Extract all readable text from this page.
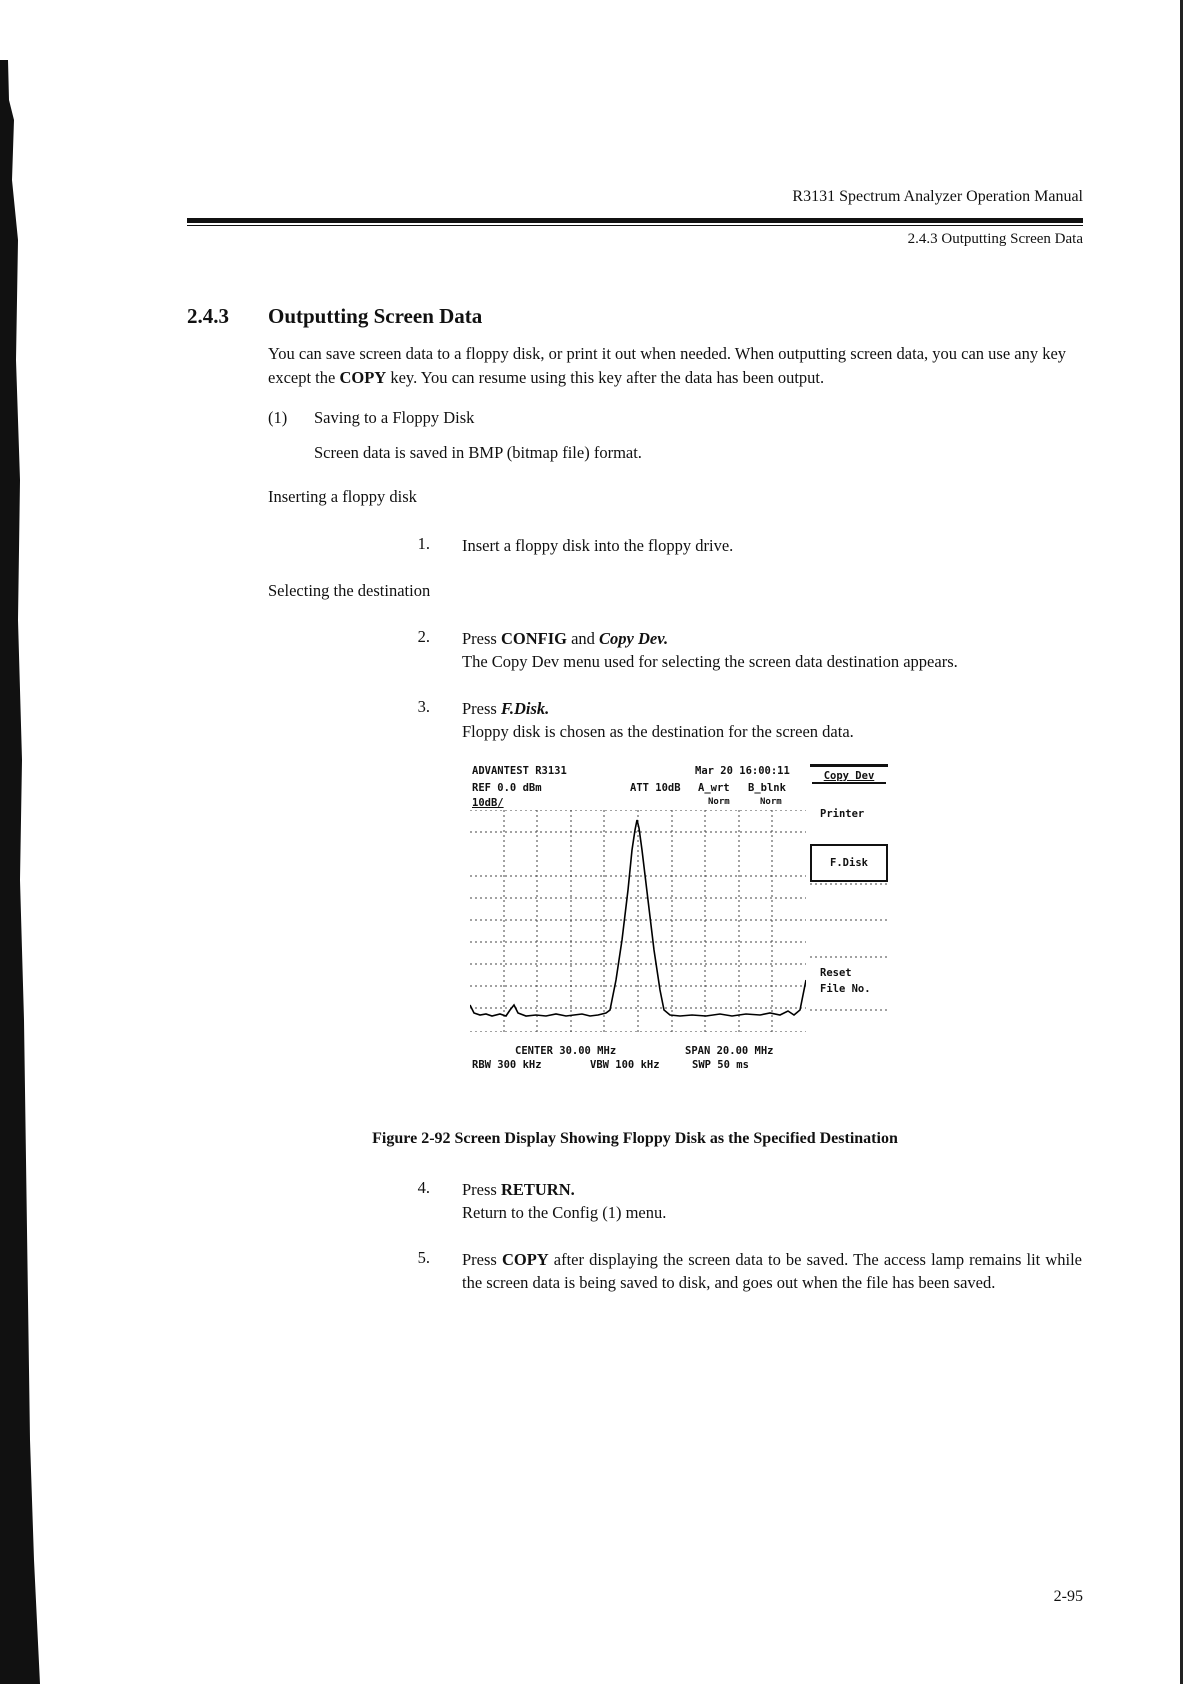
R3131 Spectrum Analyzer Operation Manual
2.4.3 Outputting Screen Data
2.4.3 Outputting Screen Data
You can save screen data to a floppy disk, or print it out when needed. When outputting screen data, you can use any key except the COPY key. You can resume using this key after the data has been output.
(1) Saving to a Floppy Disk
Screen data is saved in BMP (bitmap file) format.
Inserting a floppy disk
1. Insert a floppy disk into the floppy drive.
Selecting the destination
2. Press CONFIG and Copy Dev.
The Copy Dev menu used for selecting the screen data destination appears.
3. Press F.Disk.
Floppy disk is chosen as the destination for the screen data.
ADVANTEST R3131	Mar 20 16:00:11
REF 0.0 dBm	ATT 10dB A_wrt B_blnk
10dB/	Norm	Norm
CENTER 30.00 MHz	SPAN 20.00 MHz
RBW 300 kHz	VBW 100 kHz	SWP 50 ms
Copy Dev
Printer
F.Disk
Reset
File No.
Figure 2-92 Screen Display Showing Floppy Disk as the Specified Destination
4. Press RETURN.
Return to the Config (1) menu.
5. Press COPY after displaying the screen data to be saved. The access lamp remains lit while the screen data is being saved to disk, and goes out when the file has been saved.
2-95
